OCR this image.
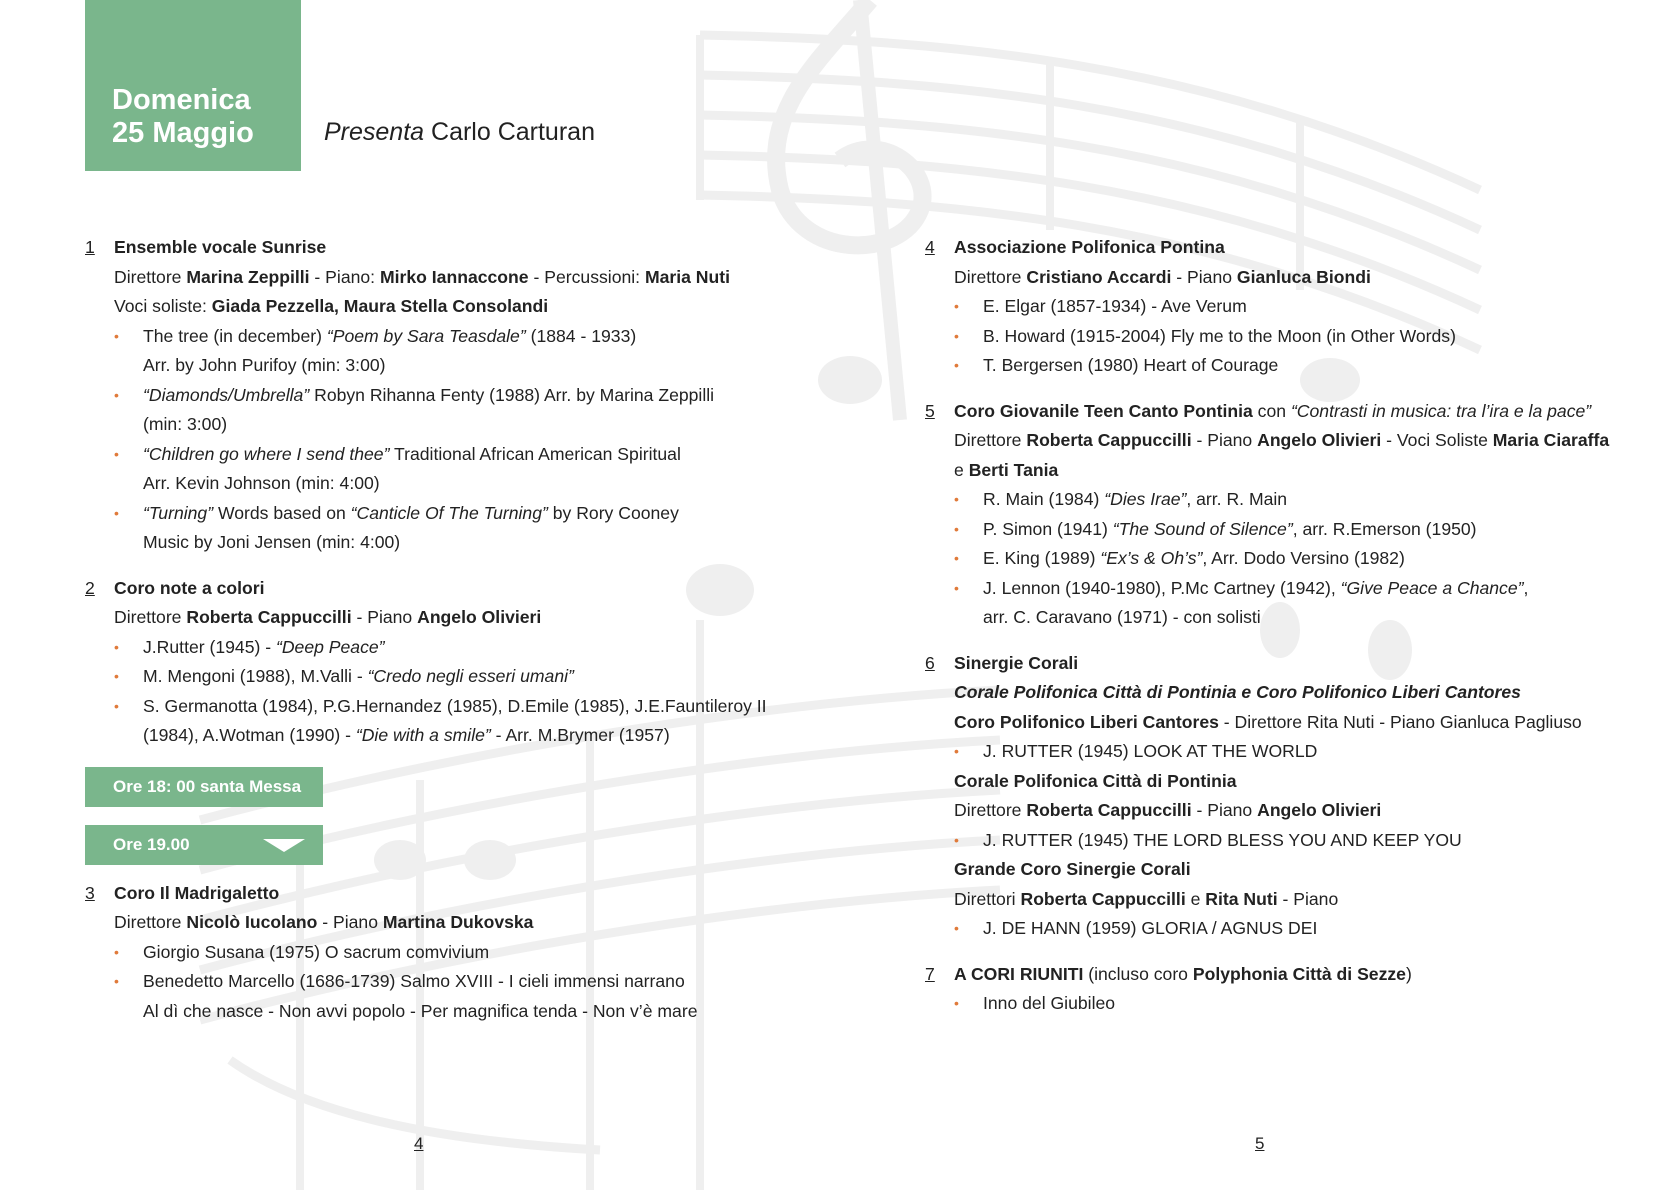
Domenica
25 Maggio	Presenta Carlo Carturan
1 Ensemble vocale Sunrise
Direttore Marina Zeppilli - Piano: Mirko Iannaccone - Percussioni: Maria Nuti
Voci soliste: Giada Pezzella, Maura Stella Consolandi
• The tree (in december) “Poem by Sara Teasdale” (1884 - 1933)
Arr. by John Purifoy (min: 3:00)
• “Diamonds/Umbrella” Robyn Rihanna Fenty (1988) Arr. by Marina Zeppilli
(min: 3:00)
• “Children go where I send thee” Traditional African American Spiritual
Arr. Kevin Johnson (min: 4:00)
• “Turning” Words based on “Canticle Of The Turning” by Rory Cooney
Music by Joni Jensen (min: 4:00)
2 Coro note a colori
Direttore Roberta Cappuccilli - Piano Angelo Olivieri
• J.Rutter (1945) - “Deep Peace”
• M. Mengoni (1988), M.Valli - “Credo negli esseri umani”
• S. Germanotta (1984), P.G.Hernandez (1985), D.Emile (1985), J.E.Fauntileroy II
(1984), A.Wotman (1990) - “Die with a smile” - Arr. M.Brymer (1957)
Ore 18: 00 santa Messa
Ore 19.00
3 Coro Il Madrigaletto
Direttore Nicolò Iucolano - Piano Martina Dukovska
• Giorgio Susana (1975) O sacrum comvivium
• Benedetto Marcello (1686-1739) Salmo XVIII - I cieli immensi narrano
Al dì che nasce - Non avvi popolo - Per magnifica tenda - Non v’è mare
4 Associazione Polifonica Pontina
Direttore Cristiano Accardi - Piano Gianluca Biondi
• E. Elgar (1857-1934) - Ave Verum
• B. Howard (1915-2004) Fly me to the Moon (in Other Words)
• T. Bergersen (1980) Heart of Courage
5 Coro Giovanile Teen Canto Pontinia con “Contrasti in musica: tra l’ira e la pace”
Direttore Roberta Cappuccilli - Piano Angelo Olivieri - Voci Soliste Maria Ciaraffa
e Berti Tania
• R. Main (1984) “Dies Irae”, arr. R. Main
• P. Simon (1941) “The Sound of Silence”, arr. R.Emerson (1950)
• E. King (1989) “Ex’s & Oh’s”, Arr. Dodo Versino (1982)
• J. Lennon (1940-1980), P.Mc Cartney (1942), “Give Peace a Chance”,
arr. C. Caravano (1971) - con solisti
6 Sinergie Corali
Corale Polifonica Città di Pontinia e Coro Polifonico Liberi Cantores
Coro Polifonico Liberi Cantores - Direttore Rita Nuti - Piano Gianluca Pagliuso
• J. RUTTER (1945) LOOK AT THE WORLD
Corale Polifonica Città di Pontinia
Direttore Roberta Cappuccilli - Piano Angelo Olivieri
• J. RUTTER (1945) THE LORD BLESS YOU AND KEEP YOU
Grande Coro Sinergie Corali
Direttori Roberta Cappuccilli e Rita Nuti - Piano
• J. DE HANN (1959) GLORIA / AGNUS DEI
7 A CORI RIUNITI (incluso coro Polyphonia Città di Sezze)
• Inno del Giubileo
4	5
